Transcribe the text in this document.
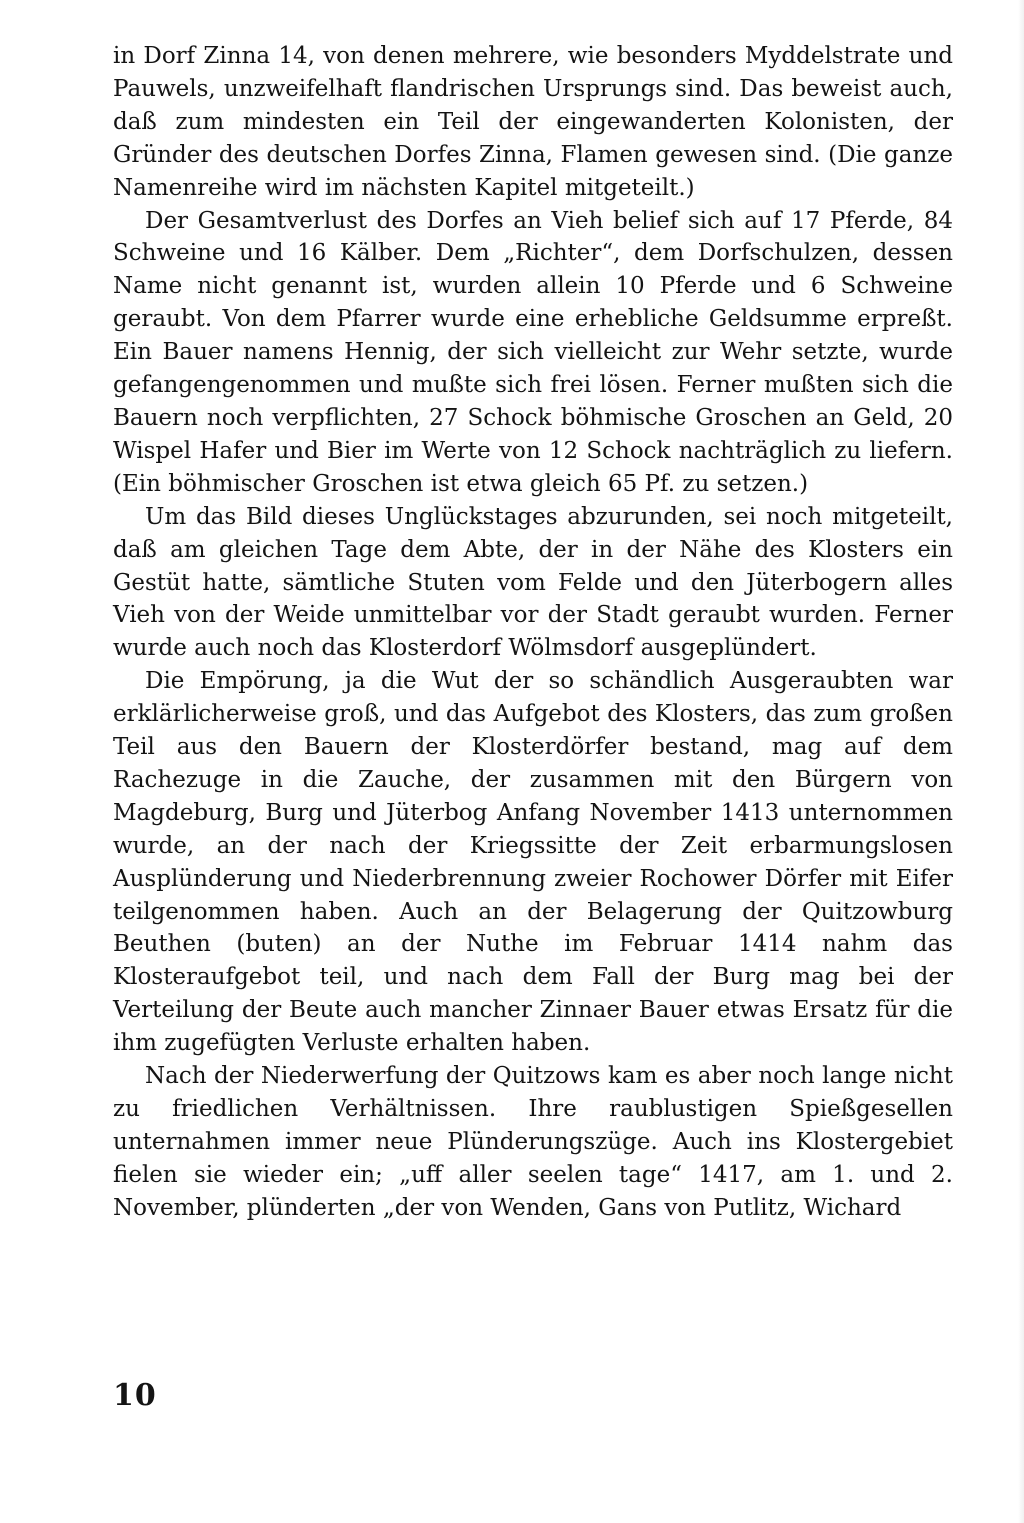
in Dorf Zinna 14, von denen mehrere, wie besonders Myddelstrate und Pauwels, unzweifelhaft flandrischen Ursprungs sind. Das beweist auch, daß zum mindesten ein Teil der eingewanderten Kolonisten, der Gründer des deutschen Dorfes Zinna, Flamen gewesen sind. (Die ganze Namenreihe wird im nächsten Kapitel mitgeteilt.)

Der Gesamtverlust des Dorfes an Vieh belief sich auf 17 Pferde, 84 Schweine und 16 Kälber. Dem „Richter“, dem Dorfschulzen, dessen Name nicht genannt ist, wurden allein 10 Pferde und 6 Schweine geraubt. Von dem Pfarrer wurde eine erhebliche Geldsumme erpreßt. Ein Bauer namens Hennig, der sich vielleicht zur Wehr setzte, wurde gefangengenommen und mußte sich frei lösen. Ferner mußten sich die Bauern noch verpflichten, 27 Schock böhmische Groschen an Geld, 20 Wispel Hafer und Bier im Werte von 12 Schock nachträglich zu liefern. (Ein böhmischer Groschen ist etwa gleich 65 Pf. zu setzen.)

Um das Bild dieses Unglückstages abzurunden, sei noch mitgeteilt, daß am gleichen Tage dem Abte, der in der Nähe des Klosters ein Gestüt hatte, sämtliche Stuten vom Felde und den Jüterbogern alles Vieh von der Weide unmittelbar vor der Stadt geraubt wurden. Ferner wurde auch noch das Klosterdorf Wölmsdorf ausgeplündert.

Die Empörung, ja die Wut der so schändlich Ausgeraubten war erklärlicherweise groß, und das Aufgebot des Klosters, das zum großen Teil aus den Bauern der Klosterdörfer bestand, mag auf dem Rachezuge in die Zauche, der zusammen mit den Bürgern von Magdeburg, Burg und Jüterbog Anfang November 1413 unternommen wurde, an der nach der Kriegssitte der Zeit erbarmungslosen Ausplünderung und Niederbrennung zweier Rochower Dörfer mit Eifer teilgenommen haben. Auch an der Belagerung der Quitzowburg Beuthen (buten) an der Nuthe im Februar 1414 nahm das Klosteraufgebot teil, und nach dem Fall der Burg mag bei der Verteilung der Beute auch mancher Zinnaer Bauer etwas Ersatz für die ihm zugefügten Verluste erhalten haben.

Nach der Niederwerfung der Quitzows kam es aber noch lange nicht zu friedlichen Verhältnissen. Ihre raublustigen Spießgesellen unternahmen immer neue Plünderungszüge. Auch ins Klostergebiet fielen sie wieder ein; „uff aller seelen tage“ 1417, am 1. und 2. November, plünderten „der von Wenden, Gans von Putlitz, Wichard

10
